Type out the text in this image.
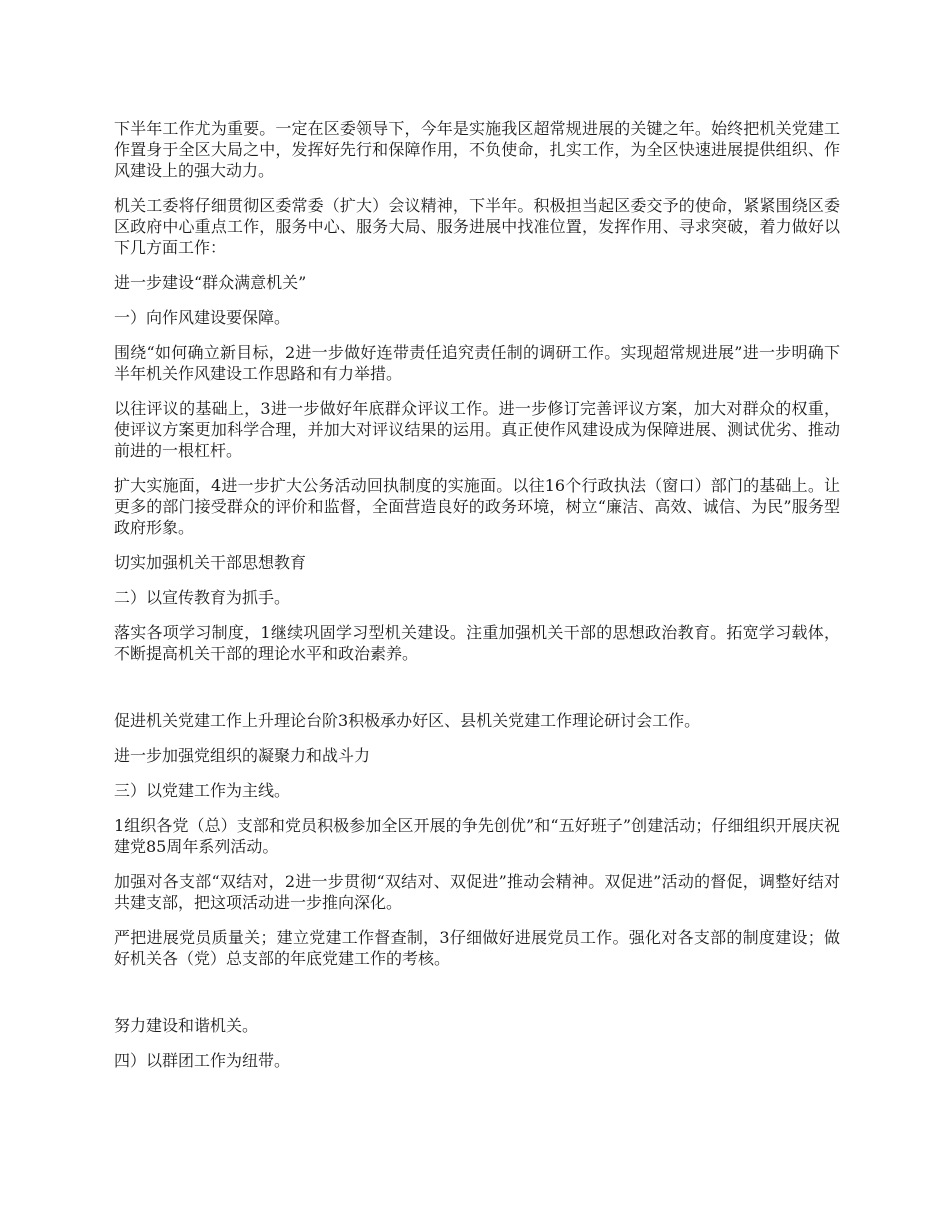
下半年工作尤为重要。一定在区委领导下，今年是实施我区超常规进展的关键之年。始终把机关党建工作置身于全区大局之中，发挥好先行和保障作用，不负使命，扎实工作，为全区快速进展提供组织、作风建设上的强大动力。

机关工委将仔细贯彻区委常委（扩大）会议精神，下半年。积极担当起区委交予的使命，紧紧围绕区委区政府中心重点工作，服务中心、服务大局、服务进展中找准位置，发挥作用、寻求突破，着力做好以下几方面工作：

进一步建设“群众满意机关”

一）向作风建设要保障。

围绕“如何确立新目标，2进一步做好连带责任追究责任制的调研工作。实现超常规进展”进一步明确下半年机关作风建设工作思路和有力举措。

以往评议的基础上，3进一步做好年底群众评议工作。进一步修订完善评议方案，加大对群众的权重，使评议方案更加科学合理，并加大对评议结果的运用。真正使作风建设成为保障进展、测试优劣、推动前进的一根杠杆。

扩大实施面，4进一步扩大公务活动回执制度的实施面。以往16个行政执法（窗口）部门的基础上。让更多的部门接受群众的评价和监督，全面营造良好的政务环境，树立“廉洁、高效、诚信、为民”服务型政府形象。

切实加强机关干部思想教育

二）以宣传教育为抓手。

落实各项学习制度，1继续巩固学习型机关建设。注重加强机关干部的思想政治教育。拓宽学习载体，不断提高机关干部的理论水平和政治素养。

促进机关党建工作上升理论台阶3积极承办好区、县机关党建工作理论研讨会工作。

进一步加强党组织的凝聚力和战斗力

三）以党建工作为主线。

1组织各党（总）支部和党员积极参加全区开展的争先创优”和“五好班子”创建活动；仔细组织开展庆祝建党85周年系列活动。

加强对各支部“双结对，2进一步贯彻“双结对、双促进”推动会精神。双促进”活动的督促，调整好结对共建支部，把这项活动进一步推向深化。

严把进展党员质量关；建立党建工作督查制，3仔细做好进展党员工作。强化对各支部的制度建设；做好机关各（党）总支部的年底党建工作的考核。

努力建设和谐机关。

四）以群团工作为纽带。
